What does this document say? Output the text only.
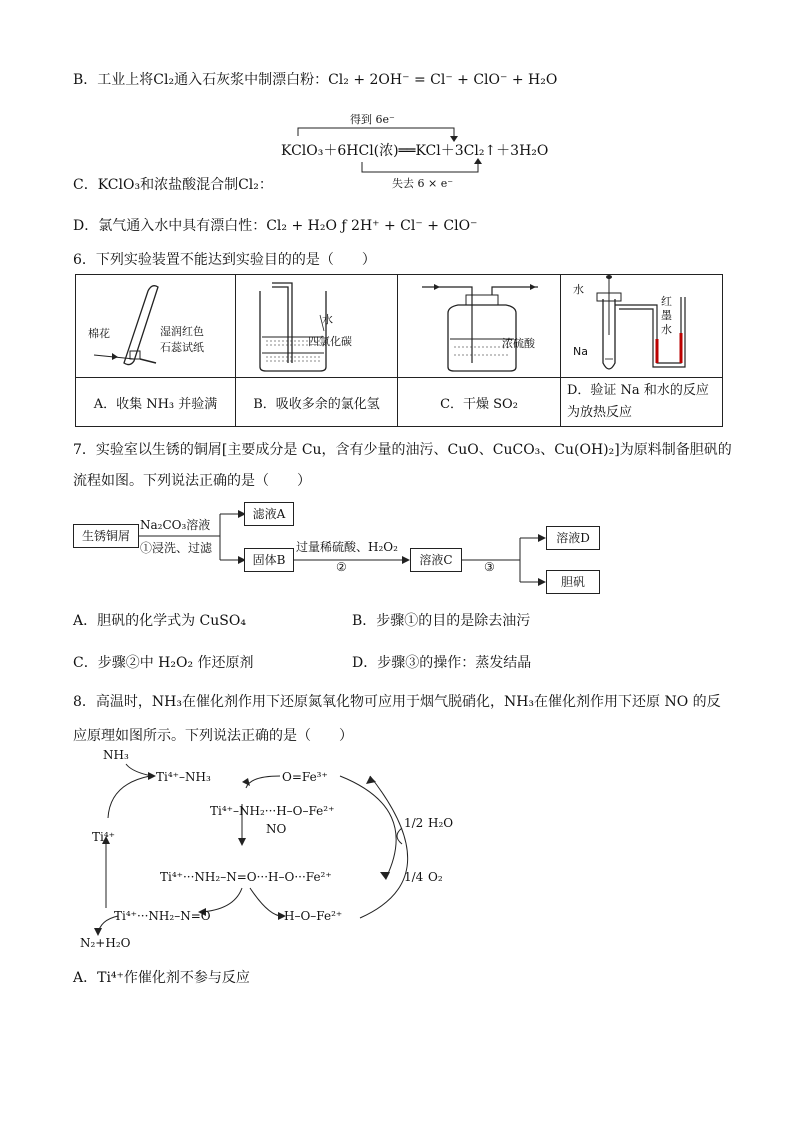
B．工业上将Cl₂通入石灰浆中制漂白粉：Cl₂ + 2OH⁻ = Cl⁻ + ClO⁻ + H₂O
得到 6e⁻
KClO₃＋6HCl(浓)══KCl＋3Cl₂↑＋3H₂O
C．KClO₃和浓盐酸混合制Cl₂：	失去 6 × e⁻
D．氯气通入水中具有漂白性：Cl₂ + H₂O ƒ 2H⁺ + Cl⁻ + ClO⁻
6．下列实验装置不能达到实验目的的是（　　）
棉花 湿润红色
石蕊试纸	水
四氯化碳	浓硫酸	水
Na
红
墨
水

A．收集 NH₃ 并验满	B．吸收多余的氯化氢	C．干燥 SO₂	D．验证 Na 和水的反应
为放热反应
7．实验室以生锈的铜屑[主要成分是 Cu，含有少量的油污、CuO、CuCO₃、Cu(OH)₂]为原料制备胆矾的
流程如图。下列说法正确的是（　　）
生锈铜屑
Na₂CO₃溶液
①浸洗、过滤
滤液A
固体B
过量稀硫酸、H₂O₂
②	溶液C	③
溶液D
胆矾
A．胆矾的化学式为 CuSO₄	B．步骤①的目的是除去油污
C．步骤②中 H₂O₂ 作还原剂	D．步骤③的操作：蒸发结晶
8．高温时，NH₃在催化剂作用下还原氮氧化物可应用于烟气脱硝化，NH₃在催化剂作用下还原 NO 的反
应原理如图所示。下列说法正确的是（　　）
NH₃
Ti⁴⁺–NH₃	O=Fe³⁺
Ti⁴⁺–NH₂···H–O–Fe²⁺
NO
Ti⁴⁺···NH₂–N=O···H–O···Fe²⁺
Ti⁴⁺···NH₂–N=O	H–O–Fe²⁺
Ti⁴⁺
N₂+H₂O
1/2 H₂O
1/4 O₂
A．Ti⁴⁺作催化剂不参与反应
